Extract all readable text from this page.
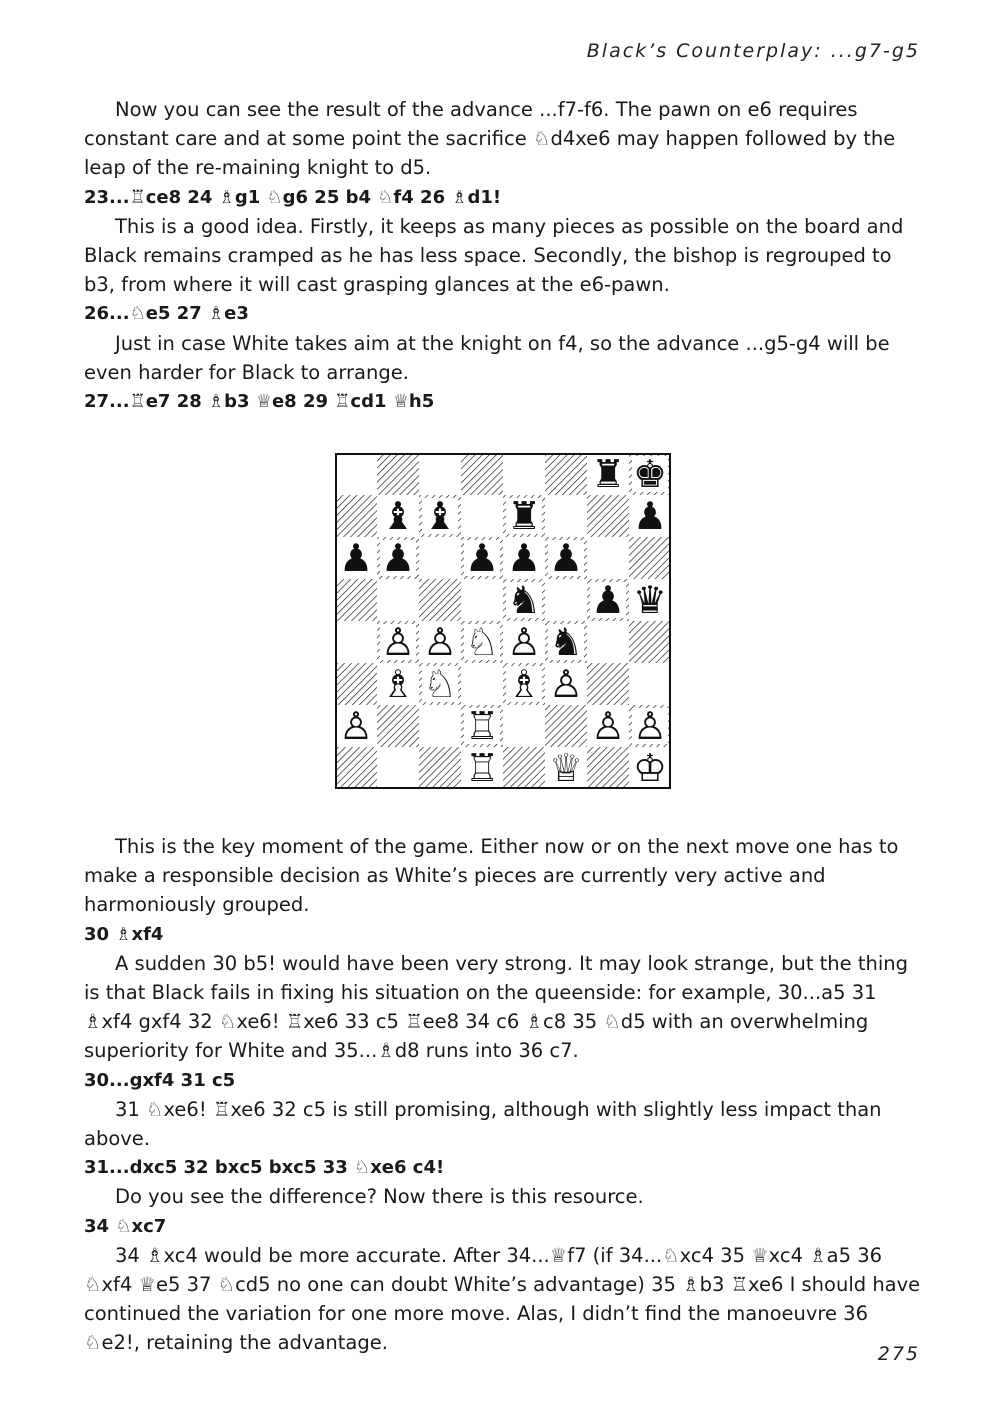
Black’s Counterplay: ...g7-g5

Now you can see the result of the advance ...f7-f6. The pawn on e6 requires constant care and at some point the sacrifice ♘d4xe6 may happen followed by the leap of the re-maining knight to d5.

23...♖ce8 24 ♗g1 ♘g6 25 b4 ♘f4 26 ♗d1!

This is a good idea. Firstly, it keeps as many pieces as possible on the board and Black remains cramped as he has less space. Secondly, the bishop is regrouped to b3, from where it will cast grasping glances at the e6-pawn.

26...♘e5 27 ♗e3

Just in case White takes aim at the knight on f4, so the advance ...g5-g4 will be even harder for Black to arrange.

27...♖e7 28 ♗b3 ♕e8 29 ♖cd1 ♕h5

♜ ♚
♝ ♝ ♜ ♟
♟ ♟ ♟ ♟ ♟
♞ ♟ ♛
♙ ♙ ♘ ♙ ♞
♗ ♘ ♗ ♙
♙ ♖ ♙ ♙
♖ ♕ ♔

This is the key moment of the game. Either now or on the next move one has to make a responsible decision as White’s pieces are currently very active and harmoniously grouped.

30 ♗xf4

A sudden 30 b5! would have been very strong. It may look strange, but the thing is that Black fails in fixing his situation on the queenside: for example, 30...a5 31 ♗xf4 gxf4 32 ♘xe6! ♖xe6 33 c5 ♖ee8 34 c6 ♗c8 35 ♘d5 with an overwhelming superiority for White and 35...♗d8 runs into 36 c7.

30...gxf4 31 c5

31 ♘xe6! ♖xe6 32 c5 is still promising, although with slightly less impact than above.

31...dxc5 32 bxc5 bxc5 33 ♘xe6 c4!

Do you see the difference? Now there is this resource.

34 ♘xc7

34 ♗xc4 would be more accurate. After 34...♕f7 (if 34...♘xc4 35 ♕xc4 ♗a5 36 ♘xf4 ♕e5 37 ♘cd5 no one can doubt White’s advantage) 35 ♗b3 ♖xe6 I should have continued the variation for one more move. Alas, I didn’t find the manoeuvre 36 ♘e2!, retaining the advantage.	275
